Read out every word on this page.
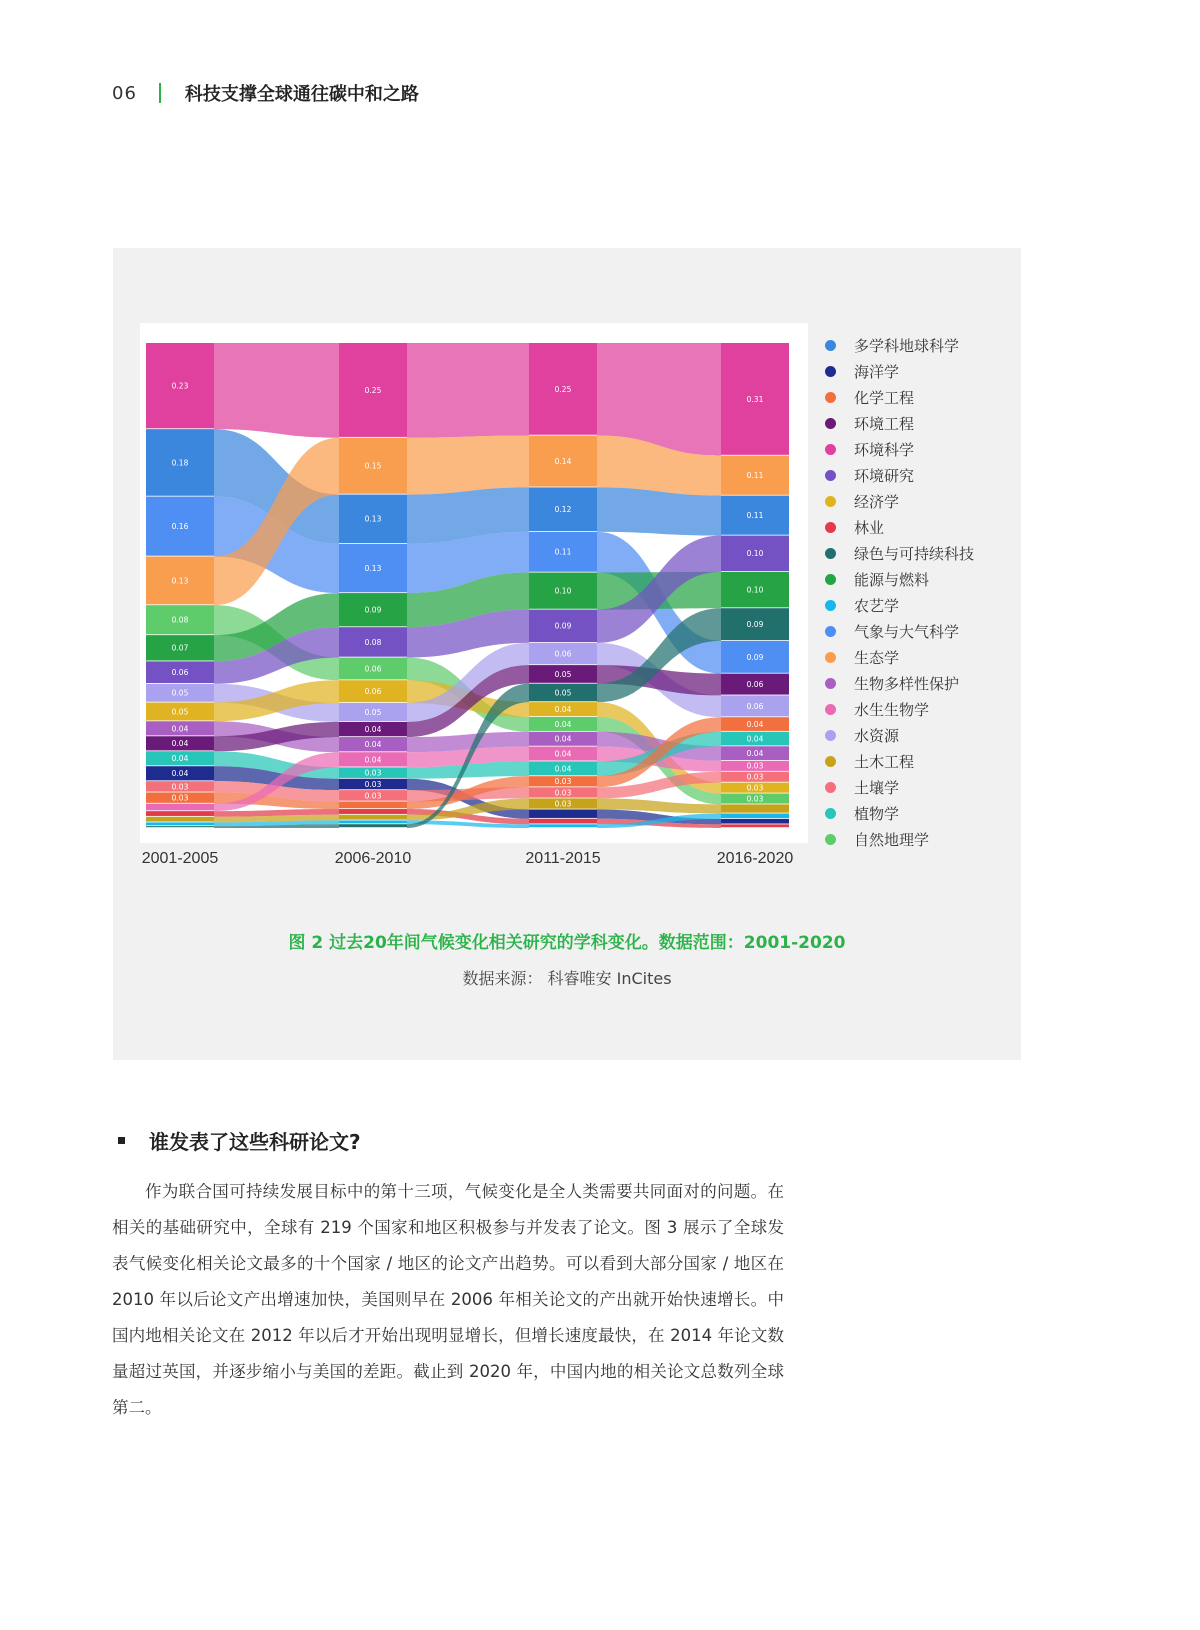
06	科技支撑全球通往碳中和之路
0.23
0.18
0.16
0.13
0.08
0.07
0.06
0.05
0.05
0.04
0.04
0.04
0.04
0.03
0.03
0.25
0.15
0.13
0.13
0.09
0.08
0.06
0.06
0.05
0.04
0.04
0.04
0.03
0.03
0.03
0.25
0.14
0.12
0.11
0.10
0.09
0.06
0.05
0.05
0.04
0.04
0.04
0.04
0.04
0.03
0.03
0.03
0.31
0.11
0.11
0.10
0.10
0.09
0.09
0.06
0.06
0.04
0.04
0.04
0.03
0.03
0.03
0.03
2001-2005	2006-2010	2011-2015	2016-2020
多学科地球科学
海洋学
化学工程
环境工程
环境科学
环境研究
经济学
林业
绿色与可持续科技
能源与燃料
农艺学
气象与大气科学
生态学
生物多样性保护
水生生物学
水资源
土木工程
土壤学
植物学
自然地理学
图 2 过去20年间气候变化相关研究的学科变化。数据范围：2001-2020
数据来源： 科睿唯安 InCites
谁发表了这些科研论文?

作为联合国可持续发展目标中的第十三项，气候变化是全人类需要共同面对的问题。在相关的基础研究中，全球有 219 个国家和地区积极参与并发表了论文。图 3 展示了全球发表气候变化相关论文最多的十个国家 / 地区的论文产出趋势。可以看到大部分国家 / 地区在 2010 年以后论文产出增速加快，美国则早在 2006 年相关论文的产出就开始快速增长。中国内地相关论文在 2012 年以后才开始出现明显增长，但增长速度最快，在 2014 年论文数量超过英国，并逐步缩小与美国的差距。截止到 2020 年，中国内地的相关论文总数列全球第二。
